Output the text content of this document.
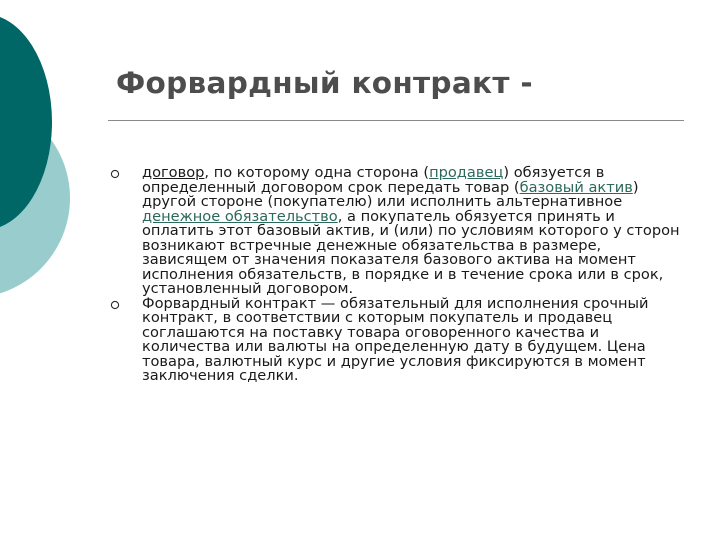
Форвардный контракт -
договор, по которому одна сторона (продавец) обязуется в определенный договором срок передать товар (базовый актив) другой стороне (покупателю) или исполнить альтернативное денежное обязательство, а покупатель обязуется принять и оплатить этот базовый актив, и (или) по условиям которого у сторон возникают встречные денежные обязательства в размере, зависящем от значения показателя базового актива на момент исполнения обязательств, в порядке и в течение срока или в срок, установленный договором.
Форвардный контракт — обязательный для исполнения срочный контракт, в соответствии с которым покупатель и продавец соглашаются на поставку товара оговоренного качества и количества или валюты на определенную дату в будущем. Цена товара, валютный курс и другие условия фиксируются в момент заключения сделки.
